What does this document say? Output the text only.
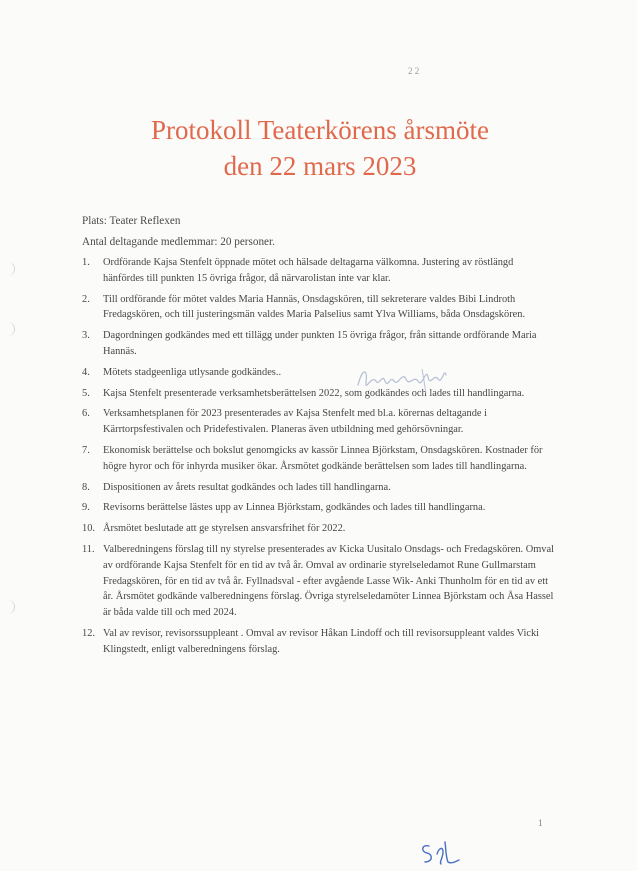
2 2
Protokoll Teaterkörens årsmöte
den 22 mars 2023
Plats: Teater Reflexen
Antal deltagande medlemmar: 20 personer.
1. Ordförande Kajsa Stenfelt öppnade mötet och hälsade deltagarna välkomna. Justering av röstlängd hänfördes till punkten 15 övriga frågor, då närvarolistan inte var klar.
2. Till ordförande för mötet valdes Maria Hannäs, Onsdagskören, till sekreterare valdes Bibi Lindroth Fredagskören, och till justeringsmän valdes Maria Palselius samt Ylva Williams, båda Onsdagskören.
3. Dagordningen godkändes med ett tillägg under punkten 15 övriga frågor, från sittande ordförande Maria Hannäs.
4. Mötets stadgeenliga utlysande godkändes..
5. Kajsa Stenfelt presenterade verksamhetsberättelsen 2022, som godkändes och lades till handlingarna.
6. Verksamhetsplanen för 2023 presenterades av Kajsa Stenfelt med bl.a. körernas deltagande i Kärrtorpsfestivalen och Pridefestivalen. Planeras även utbildning med gehörsövningar.
7. Ekonomisk berättelse och bokslut genomgicks av kassör Linnea Björkstam, Onsdagskören. Kostnader för högre hyror och för inhyrda musiker ökar. Årsmötet godkände berättelsen som lades till handlingarna.
8. Dispositionen av årets resultat godkändes och lades till handlingarna.
9. Revisorns berättelse lästes upp av Linnea Björkstam, godkändes och lades till handlingarna.
10. Årsmötet beslutade att ge styrelsen ansvarsfrihet för 2022.
11. Valberedningens förslag till ny styrelse presenterades av Kicka Uusitalo Onsdags- och Fredagskören. Omval av ordförande Kajsa Stenfelt för en tid av två år. Omval av ordinarie styrelseledamot Rune Gullmarstam Fredagskören, för en tid av två år. Fyllnadsval - efter avgående Lasse Wik- Anki Thunholm för en tid av ett år. Årsmötet godkände valberedningens förslag. Övriga styrelseledamöter Linnea Björkstam och Åsa Hassel är båda valde till och med 2024.
12. Val av revisor, revisorssuppleant . Omval av revisor Håkan Lindoff och till revisorsuppleant valdes Vicki Klingstedt, enligt valberedningens förslag.
1
